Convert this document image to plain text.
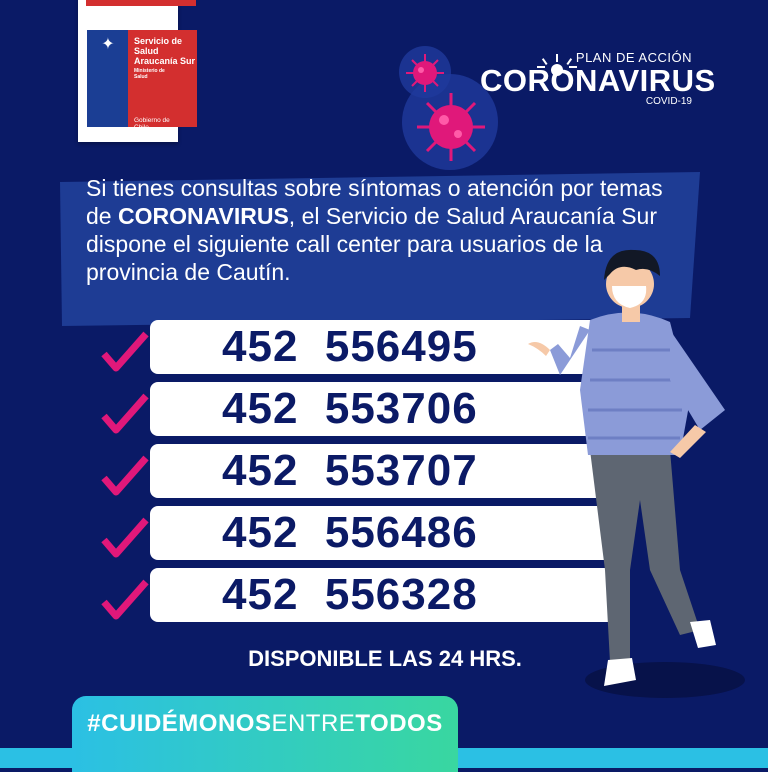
✦	Servicio de
Salud
Araucanía Sur
Ministerio de Salud
Gobierno de Chile
PLAN DE ACCIÓN
CORONAVIRUS
COVID-19
Si tienes consultas sobre síntomas o atención por temas de CORONAVIRUS, el Servicio de Salud Araucanía Sur dispone el siguiente call center para usuarios de la provincia de Cautín.
452  556495
452  553706
452  553707
452  556486
452  556328
DISPONIBLE LAS 24 HRS.
#CUIDÉMONOSENTRETODOS
